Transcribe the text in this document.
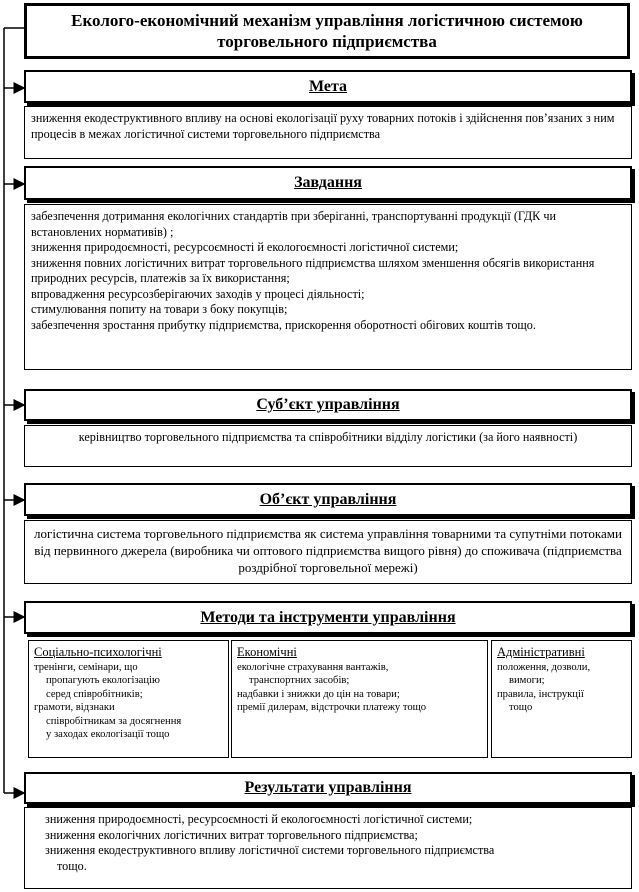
Еколого-економічний механізм управління логістичною системою торговельного підприємства
Мета

зниження екодеструктивного впливу на основі екологізації руху товарних потоків і здійснення пов’язаних з ним процесів в межах логістичної системи торговельного підприємства

Завдання

забезпечення дотримання екологічних стандартів при зберіганні, транспортуванні продукції (ГДК чи встановлених нормативів) ;

зниження природоємності, ресурсоємності й екологоємності логістичної системи;

зниження повних логістичних витрат торговельного підприємства шляхом зменшення обсягів використання природних ресурсів, платежів за їх використання;

впровадження ресурсозберігаючих заходів у процесі діяльності;

стимулювання попиту на товари з боку покупців;

забезпечення зростання прибутку підприємства, прискорення оборотності обігових коштів тощо.

Суб’єкт управління

керівництво торговельного підприємства та співробітники відділу логістики (за його наявності)

Об’єкт управління

логістична система торговельного підприємства як система управління товарними та супутніми потоками від первинного джерела (виробника чи оптового підприємства вищого рівня) до споживача (підприємства роздрібної торговельної мережі)

Методи та інструменти управління
Соціально-психологічні
тренінги, семінари, що
пропагують екологізацію
серед співробітників;
грамоти, відзнаки
співробітникам за досягнення
у заходах екологізації тощо
Економічні
екологічне страхування вантажів,
транспортних засобів;
надбавки і знижки до цін на товари;
премії дилерам, відстрочки платежу тощо
Адміністративні
положення, дозволи,
вимоги;
правила, інструкції
тощо
Результати управління

зниження природоємності, ресурсоємності й екологоємності логістичної системи;

зниження екологічних логістичних витрат торговельного підприємства;

зниження екодеструктивного впливу логістичної системи торговельного підприємства

тощо.
